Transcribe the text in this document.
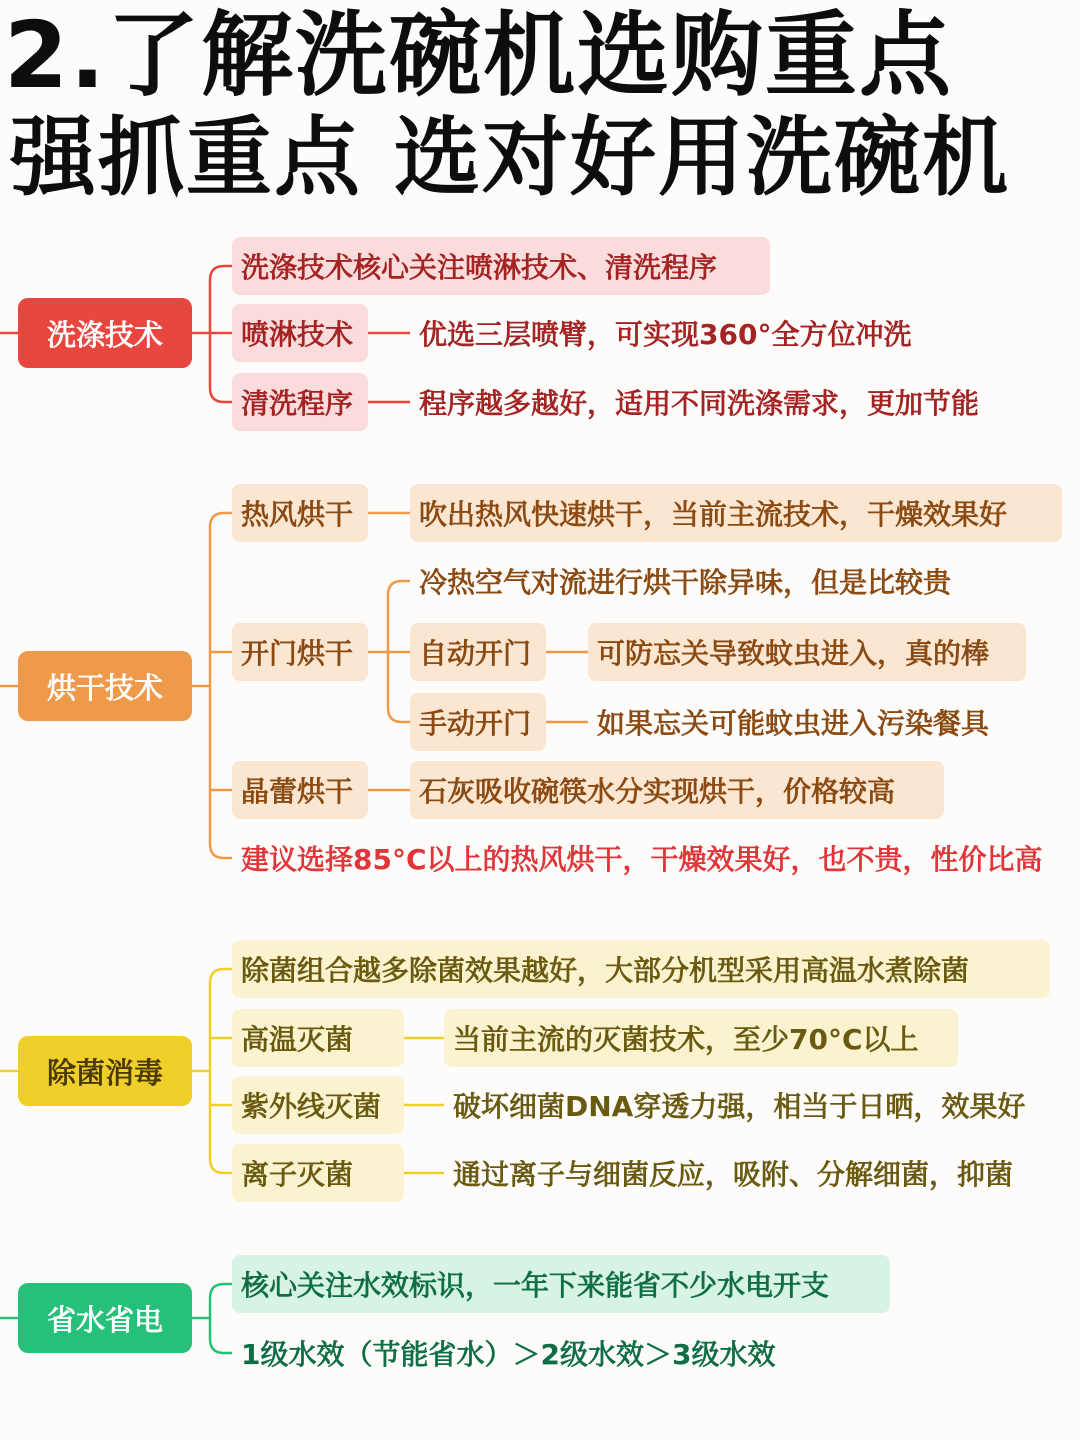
2.了解洗碗机选购重点
强抓重点 选对好用洗碗机
洗涤技术
洗涤技术核心关注喷淋技术、清洗程序
喷淋技术	优选三层喷臂，可实现360°全方位冲洗
清洗程序	程序越多越好，适用不同洗涤需求，更加节能
烘干技术
热风烘干	吹出热风快速烘干，当前主流技术，干燥效果好
开门烘干
冷热空气对流进行烘干除异味，但是比较贵
自动开门	可防忘关导致蚊虫进入，真的棒
手动开门	如果忘关可能蚊虫进入污染餐具
晶蕾烘干	石灰吸收碗筷水分实现烘干，价格较高
建议选择85°C以上的热风烘干，干燥效果好，也不贵，性价比高
除菌消毒
除菌组合越多除菌效果越好，大部分机型采用高温水煮除菌
高温灭菌	当前主流的灭菌技术，至少70°C以上
紫外线灭菌	破坏细菌DNA穿透力强，相当于日晒，效果好
离子灭菌	通过离子与细菌反应，吸附、分解细菌，抑菌
省水省电
核心关注水效标识，一年下来能省不少水电开支
1级水效（节能省水）＞2级水效＞3级水效
